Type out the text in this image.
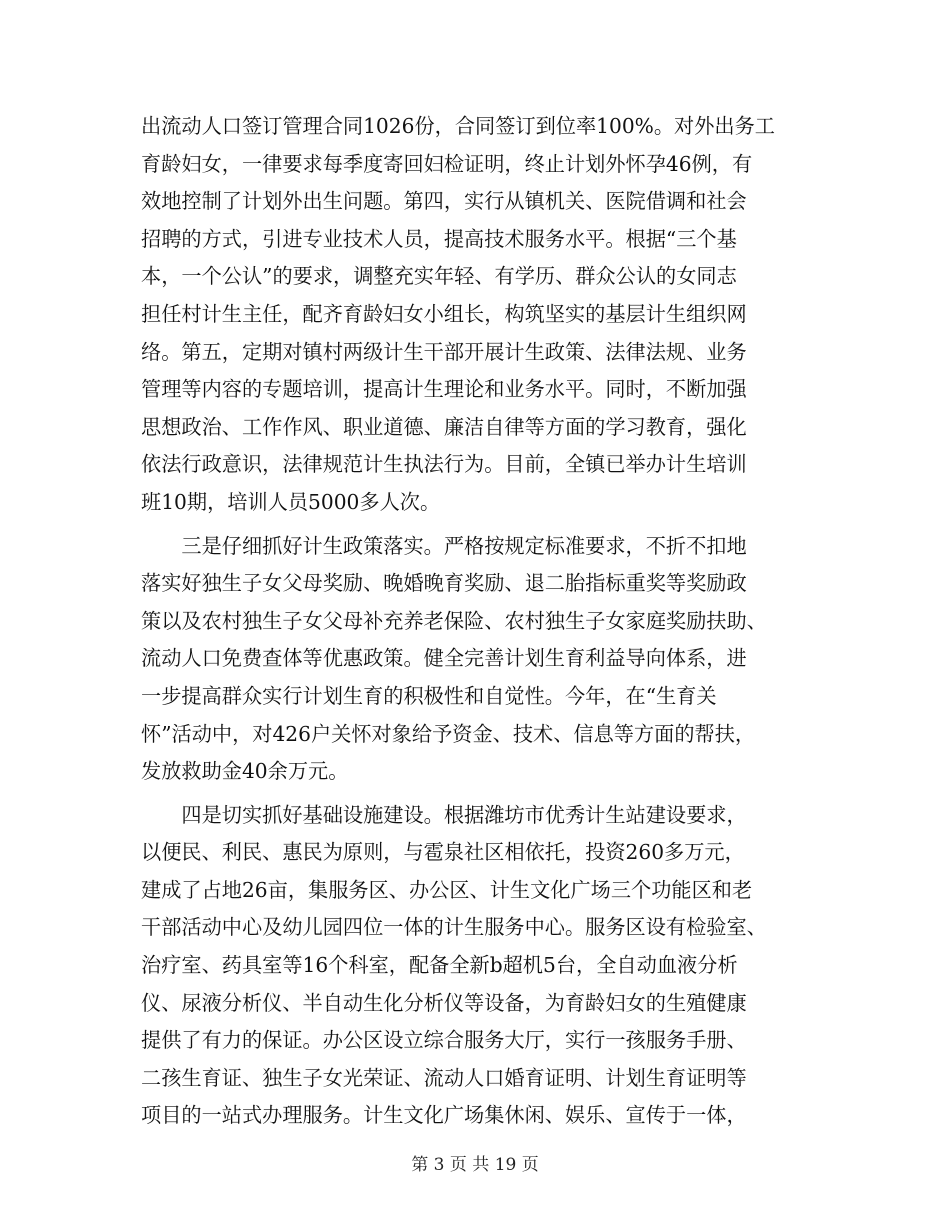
出流动人口签订管理合同1026份，合同签订到位率100%。对外出务工
育龄妇女，一律要求每季度寄回妇检证明，终止计划外怀孕46例，有
效地控制了计划外出生问题。第四，实行从镇机关、医院借调和社会
招聘的方式，引进专业技术人员，提高技术服务水平。根据“三个基
本，一个公认”的要求，调整充实年轻、有学历、群众公认的女同志
担任村计生主任，配齐育龄妇女小组长，构筑坚实的基层计生组织网
络。第五，定期对镇村两级计生干部开展计生政策、法律法规、业务
管理等内容的专题培训，提高计生理论和业务水平。同时，不断加强
思想政治、工作作风、职业道德、廉洁自律等方面的学习教育，强化
依法行政意识，法律规范计生执法行为。目前，全镇已举办计生培训
班10期，培训人员5000多人次。
　　三是仔细抓好计生政策落实。严格按规定标准要求，不折不扣地
落实好独生子女父母奖励、晚婚晚育奖励、退二胎指标重奖等奖励政
策以及农村独生子女父母补充养老保险、农村独生子女家庭奖励扶助、
流动人口免费查体等优惠政策。健全完善计划生育利益导向体系，进
一步提高群众实行计划生育的积极性和自觉性。今年，在“生育关
怀”活动中，对426户关怀对象给予资金、技术、信息等方面的帮扶，
发放救助金40余万元。
　　四是切实抓好基础设施建设。根据潍坊市优秀计生站建设要求，
以便民、利民、惠民为原则，与雹泉社区相依托，投资260多万元，
建成了占地26亩，集服务区、办公区、计生文化广场三个功能区和老
干部活动中心及幼儿园四位一体的计生服务中心。服务区设有检验室、
治疗室、药具室等16个科室，配备全新b超机5台，全自动血液分析
仪、尿液分析仪、半自动生化分析仪等设备，为育龄妇女的生殖健康
提供了有力的保证。办公区设立综合服务大厅，实行一孩服务手册、
二孩生育证、独生子女光荣证、流动人口婚育证明、计划生育证明等
项目的一站式办理服务。计生文化广场集休闲、娱乐、宣传于一体，
第 3 页 共 19 页
